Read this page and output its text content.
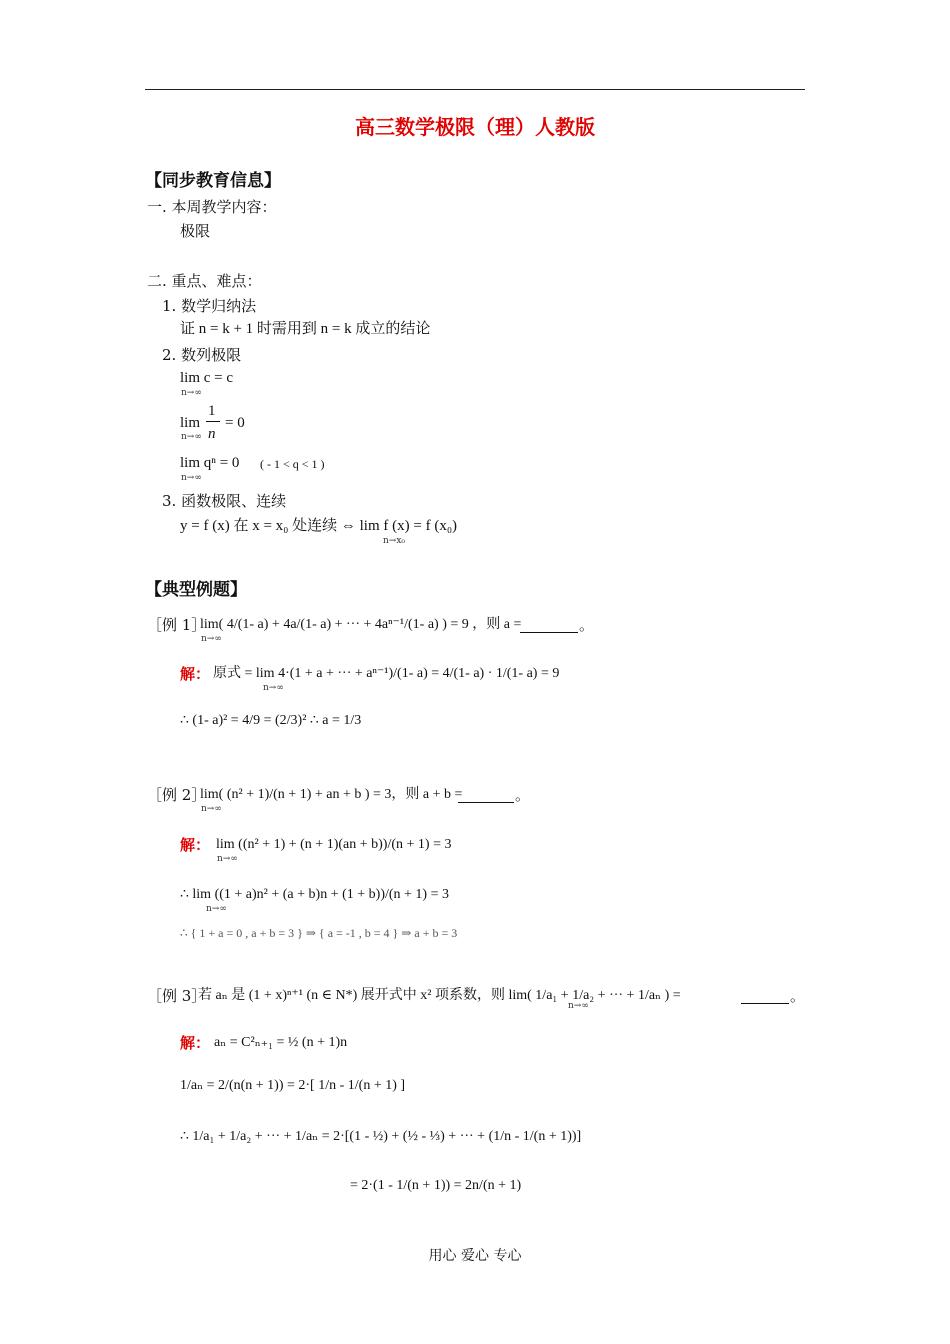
高三数学极限（理）人教版
【同步教育信息】
一. 本周教学内容：
极限
二. 重点、难点：
1. 数学归纳法
证 n = k + 1 时需用到 n = k 成立的结论
2. 数列极限
lim c = c
n→∞
lim
1
n
= 0
n→∞
lim qⁿ = 0 ( - 1 < q < 1 )
n→∞
3. 函数极限、连续
y = f (x) 在 x = x₀ 处连续 ⇔ lim f (x) = f (x₀)
n→x₀
【典型例题】
［例 1］
lim( 4/(1- a) + 4a/(1- a) + ··· + 4aⁿ⁻¹/(1- a) ) = 9 ，则 a =	。
n→∞
解： 原式 = lim 4·(1 + a + ··· + aⁿ⁻¹)/(1- a) = 4/(1- a) · 1/(1- a) = 9
n→∞
∴ (1- a)² = 4/9 = (2/3)² ∴ a = 1/3
［例 2］
lim( (n² + 1)/(n + 1) + an + b ) = 3，则 a + b =	。
n→∞
解： lim ((n² + 1) + (n + 1)(an + b))/(n + 1) = 3
n→∞
∴ lim ((1 + a)n² + (a + b)n + (1 + b))/(n + 1) = 3
n→∞
∴ { 1 + a = 0 , a + b = 3 } ⇒ { a = -1 , b = 4 } ⇒ a + b = 3
［例 3］
若 aₙ 是 (1 + x)ⁿ⁺¹ (n ∈ N*) 展开式中 x² 项系数，则 lim( 1/a₁ + 1/a₂ + ··· + 1/aₙ ) =	。
n→∞
解： aₙ = C²ₙ₊₁ = ½ (n + 1)n
1/aₙ = 2/(n(n + 1)) = 2·[ 1/n - 1/(n + 1) ]
∴ 1/a₁ + 1/a₂ + ··· + 1/aₙ = 2·[(1 - ½) + (½ - ⅓) + ··· + (1/n - 1/(n + 1))]
= 2·(1 - 1/(n + 1)) = 2n/(n + 1)
用心 爱心 专心
